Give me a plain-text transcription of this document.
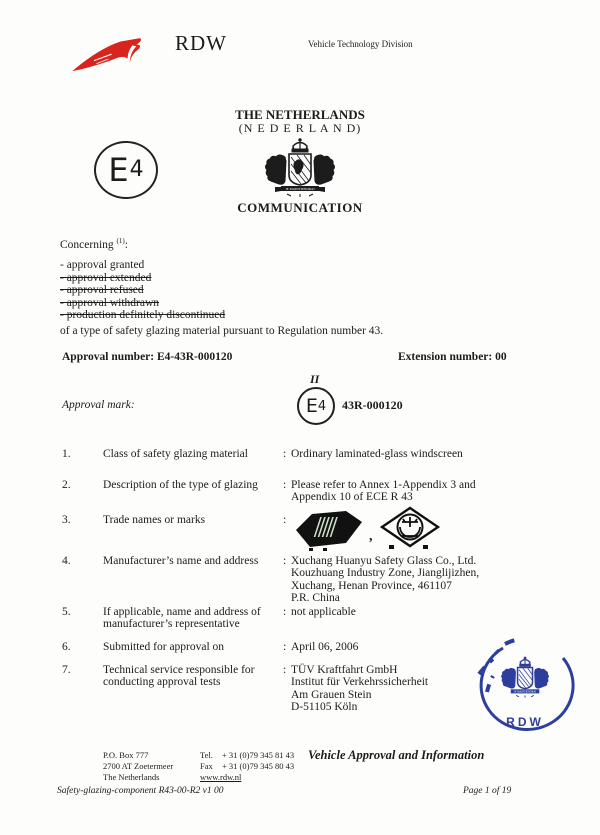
RDW	Vehicle Technology Division
E 4
THE NETHERLANDS
(N E D E R L A N D)
JE MAINTIENDRAI
COMMUNICATION
Concerning $^{(1)}$:
- approval granted
- approval extended
- approval refused
- approval withdrawn
- production definitely discontinued
of a type of safety glazing material pursuant to Regulation number 43.
Approval number: E4-43R-000120	Extension number: 00
Approval mark:
II
E 4 43R-000120
1.	Class of safety glazing material	: Ordinary laminated-glass windscreen
2.	Description of the type of glazing	: Please refer to Annex 1-Appendix 3 and
Appendix 10 of ECE R 43
3.	Trade names or marks	:
,
4.	Manufacturer’s name and address	: Xuchang Huanyu Safety Glass Co., Ltd.
Kouzhuang Industry Zone, Jianglijizhen,
Xuchang, Henan Province, 461107
P.R. China
5.	If applicable, name and address of
manufacturer’s representative
: not applicable
6.	Submitted for approval on	: April 06, 2006
7.	Technical service responsible for
conducting approval tests
: TÜV Kraftfahrt GmbH
Institut für Verkehrssicherheit
Am Grauen Stein
D-51105 Köln
JE MAINTIENDRAI
RDW
P.O. Box 777
2700 AT Zoetermeer
The Netherlands
Tel. + 31 (0)79 345 81 43
Fax + 31 (0)79 345 80 43
www.rdw.nl
Vehicle Approval and Information
Safety-glazing-component R43-00-R2 v1 00	Page 1 of 19
